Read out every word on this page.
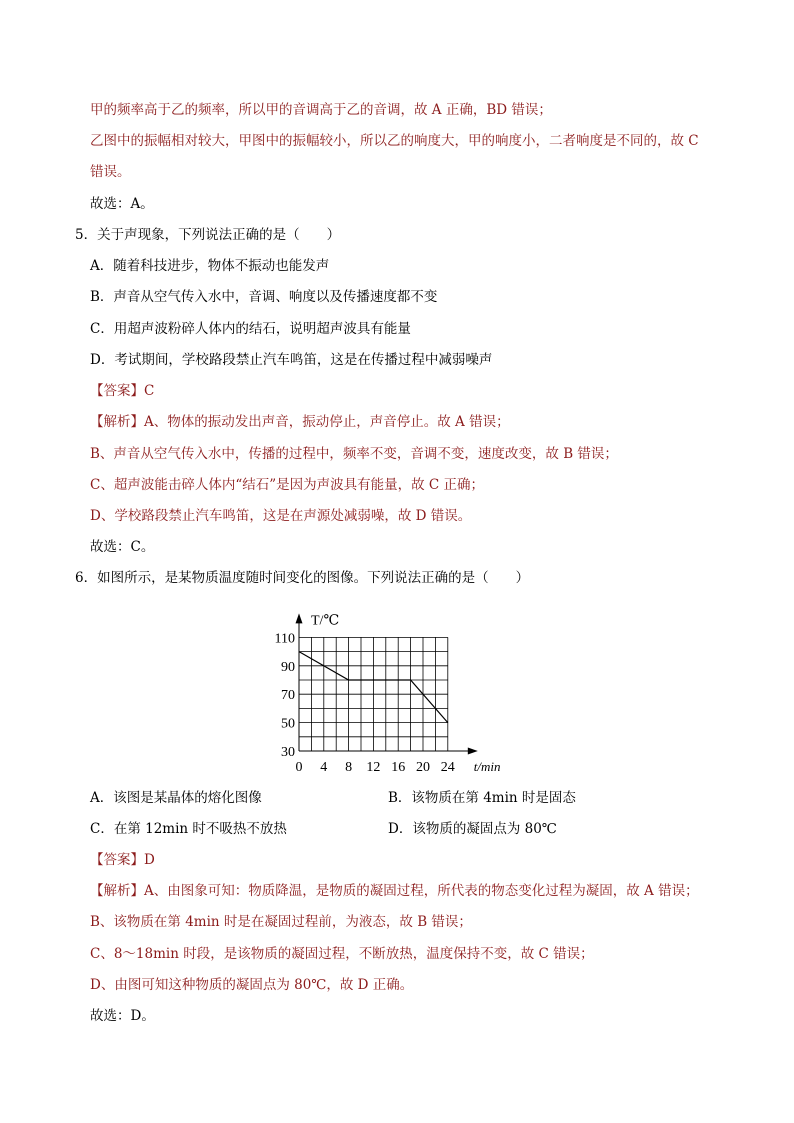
甲的频率高于乙的频率，所以甲的音调高于乙的音调，故 A 正确，BD 错误；
乙图中的振幅相对较大，甲图中的振幅较小，所以乙的响度大，甲的响度小，二者响度是不同的，故 C
错误。
故选：A。
5．关于声现象，下列说法正确的是（　　）
A．随着科技进步，物体不振动也能发声
B．声音从空气传入水中，音调、响度以及传播速度都不变
C．用超声波粉碎人体内的结石，说明超声波具有能量
D．考试期间，学校路段禁止汽车鸣笛，这是在传播过程中减弱噪声
【答案】C
【解析】A、物体的振动发出声音，振动停止，声音停止。故 A 错误；
B、声音从空气传入水中，传播的过程中，频率不变，音调不变，速度改变，故 B 错误；
C、超声波能击碎人体内“结石”是因为声波具有能量，故 C 正确；
D、学校路段禁止汽车鸣笛，这是在声源处减弱噪，故 D 错误。
故选：C。
6．如图所示，是某物质温度随时间变化的图像。下列说法正确的是（　　）
30
50
70
90
110
0 4 8 12 16 20 24
T/℃
t/min
A．该图是某晶体的熔化图像	B．该物质在第 4min 时是固态
C．在第 12min 时不吸热不放热	D．该物质的凝固点为 80℃
【答案】D
【解析】A、由图象可知：物质降温，是物质的凝固过程，所代表的物态变化过程为凝固，故 A 错误；
B、该物质在第 4min 时是在凝固过程前，为液态，故 B 错误；
C、8～18min 时段，是该物质的凝固过程，不断放热，温度保持不变，故 C 错误；
D、由图可知这种物质的凝固点为 80℃，故 D 正确。
故选：D。
